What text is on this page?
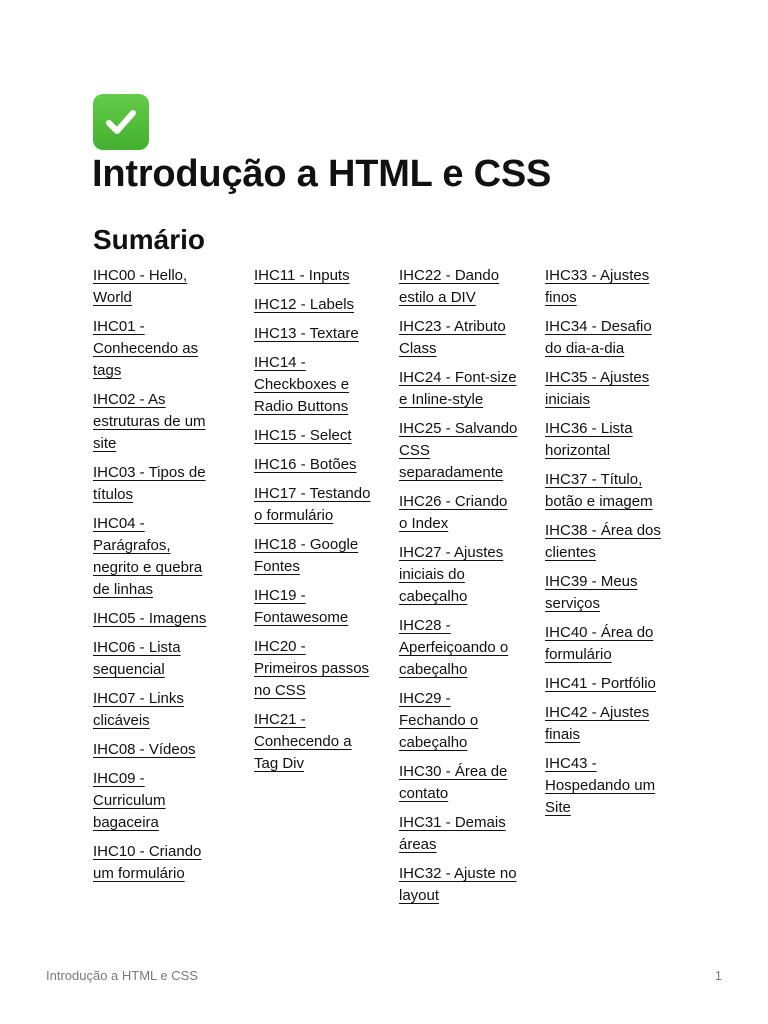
Introdução a HTML e CSS
Sumário
IHC00 - Hello, World
IHC01 - Conhecendo as tags
IHC02 - As estruturas de um site
IHC03 - Tipos de títulos
IHC04 - Parágrafos, negrito e quebra de linhas
IHC05 - Imagens
IHC06 - Lista sequencial
IHC07 - Links clicáveis
IHC08 - Vídeos
IHC09 - Curriculum bagaceira
IHC10 - Criando um formulário
IHC11 - Inputs
IHC12 - Labels
IHC13 - Textare
IHC14 - Checkboxes e Radio Buttons
IHC15 - Select
IHC16 - Botões
IHC17 - Testando o formulário
IHC18 - Google Fontes
IHC19 - Fontawesome
IHC20 - Primeiros passos no CSS
IHC21 - Conhecendo a Tag Div
IHC22 - Dando estilo a DIV
IHC23 - Atributo Class
IHC24 - Font-size e Inline-style
IHC25 - Salvando CSS separadamente
IHC26 - Criando o Index
IHC27 - Ajustes iniciais do cabeçalho
IHC28 - Aperfeiçoando o cabeçalho
IHC29 - Fechando o cabeçalho
IHC30 - Área de contato
IHC31 - Demais áreas
IHC32 - Ajuste no layout
IHC33 - Ajustes finos
IHC34 - Desafio do dia-a-dia
IHC35 - Ajustes iniciais
IHC36 - Lista horizontal
IHC37 - Título, botão e imagem
IHC38 - Área dos clientes
IHC39 - Meus serviços
IHC40 - Área do formulário
IHC41 - Portfólio
IHC42 - Ajustes finais
IHC43 - Hospedando um Site
Introdução a HTML e CSS	1
